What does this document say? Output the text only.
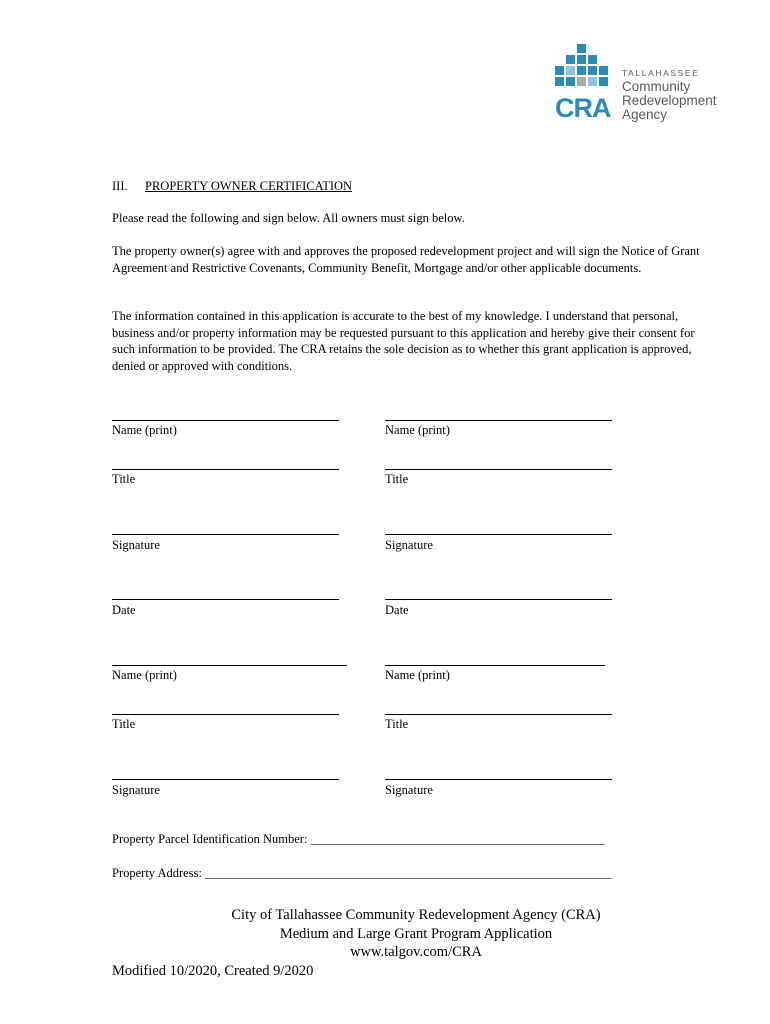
CRA
TALLAHASSEE
Community
Redevelopment
Agency
III. PROPERTY OWNER CERTIFICATION
Please read the following and sign below. All owners must sign below.
The property owner(s) agree with and approves the proposed redevelopment project and will sign the Notice of Grant Agreement and Restrictive Covenants, Community Benefit, Mortgage and/or other applicable documents.
The information contained in this application is accurate to the best of my knowledge. I understand that personal, business and/or property information may be requested pursuant to this application and hereby give their consent for such information to be provided. The CRA retains the sole decision as to whether this grant application is approved, denied or approved with conditions.
Name (print)
Title
Signature
Date
Name (print)
Title
Signature
Date
Name (print)
Title
Signature
Name (print)
Title
Signature
Property Parcel Identification Number: _______________________________________________
Property Address: _________________________________________________________________
City of Tallahassee Community Redevelopment Agency (CRA)
Medium and Large Grant Program Application
www.talgov.com/CRA
Modified 10/2020, Created 9/2020
